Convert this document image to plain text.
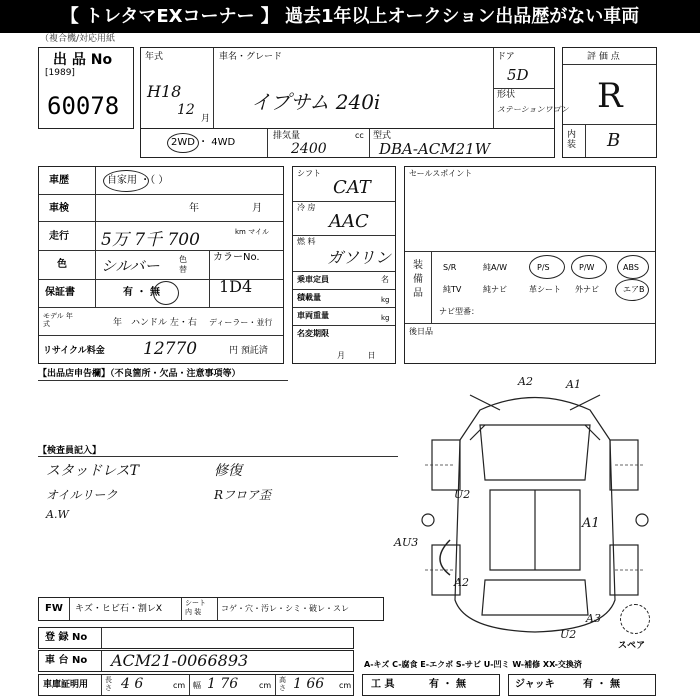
【 トレタマEXコーナー 】 過去1年以上オークション出品歴がない車両
（複合機/対応用紙
出 品 No
[1989]
60078
年式
H18
12
月
車名・グレード
イプサム 240i
ドア
5D
形状
ステーションワゴン
評 価 点
R
内 装 B
2WD ・ 4WD
排気量	cc
2400
型式
DBA-ACM21W
車歴	自家用 ・（ ）
車検	年 月
走行 5万 7千 700	km マイル
色 シルバー 色替
カラーNo.
1D4
保証書	有 ・ 無
モデル 年 式	年 ハンドル 左・右 ディーラー・並行
リサイクル料金 12770	円 預託済
シフト
CAT
冷 房
AAC
燃 料
ガソリン
乗車定員	名
積載量	kg
車両重量	kg
名変期限
月 日
セールスポイント
装 備 品
S/R	純A/W	P/S	P/W	ABS
純TV	純ナビ	革シート 外ナビ	エアB
ナビ型番：
後日品
【出品店申告欄】（不良箇所・欠品・注意事項等）
【検査員記入】
スタッドレスT	修復
オイルリーク	Rフロア歪
A.W
A2	A1
U2
A1
AU3
A2
A3
U2
スペア
FW キズ・ヒビ石・割レX
シート 内 装	コゲ・穴・汚レ・シミ・破レ・スレ
登 録 No
車 台 No ACM21-0066893
車庫証明用 長さ 4 6	cm 幅 1 76	cm
高さ 1 66 cm
A-キズ C-腐食 E-エクボ S-サビ U-凹ミ W-補修 XX-交換済
工 具	有 ・ 無	ジャッキ	有 ・ 無
